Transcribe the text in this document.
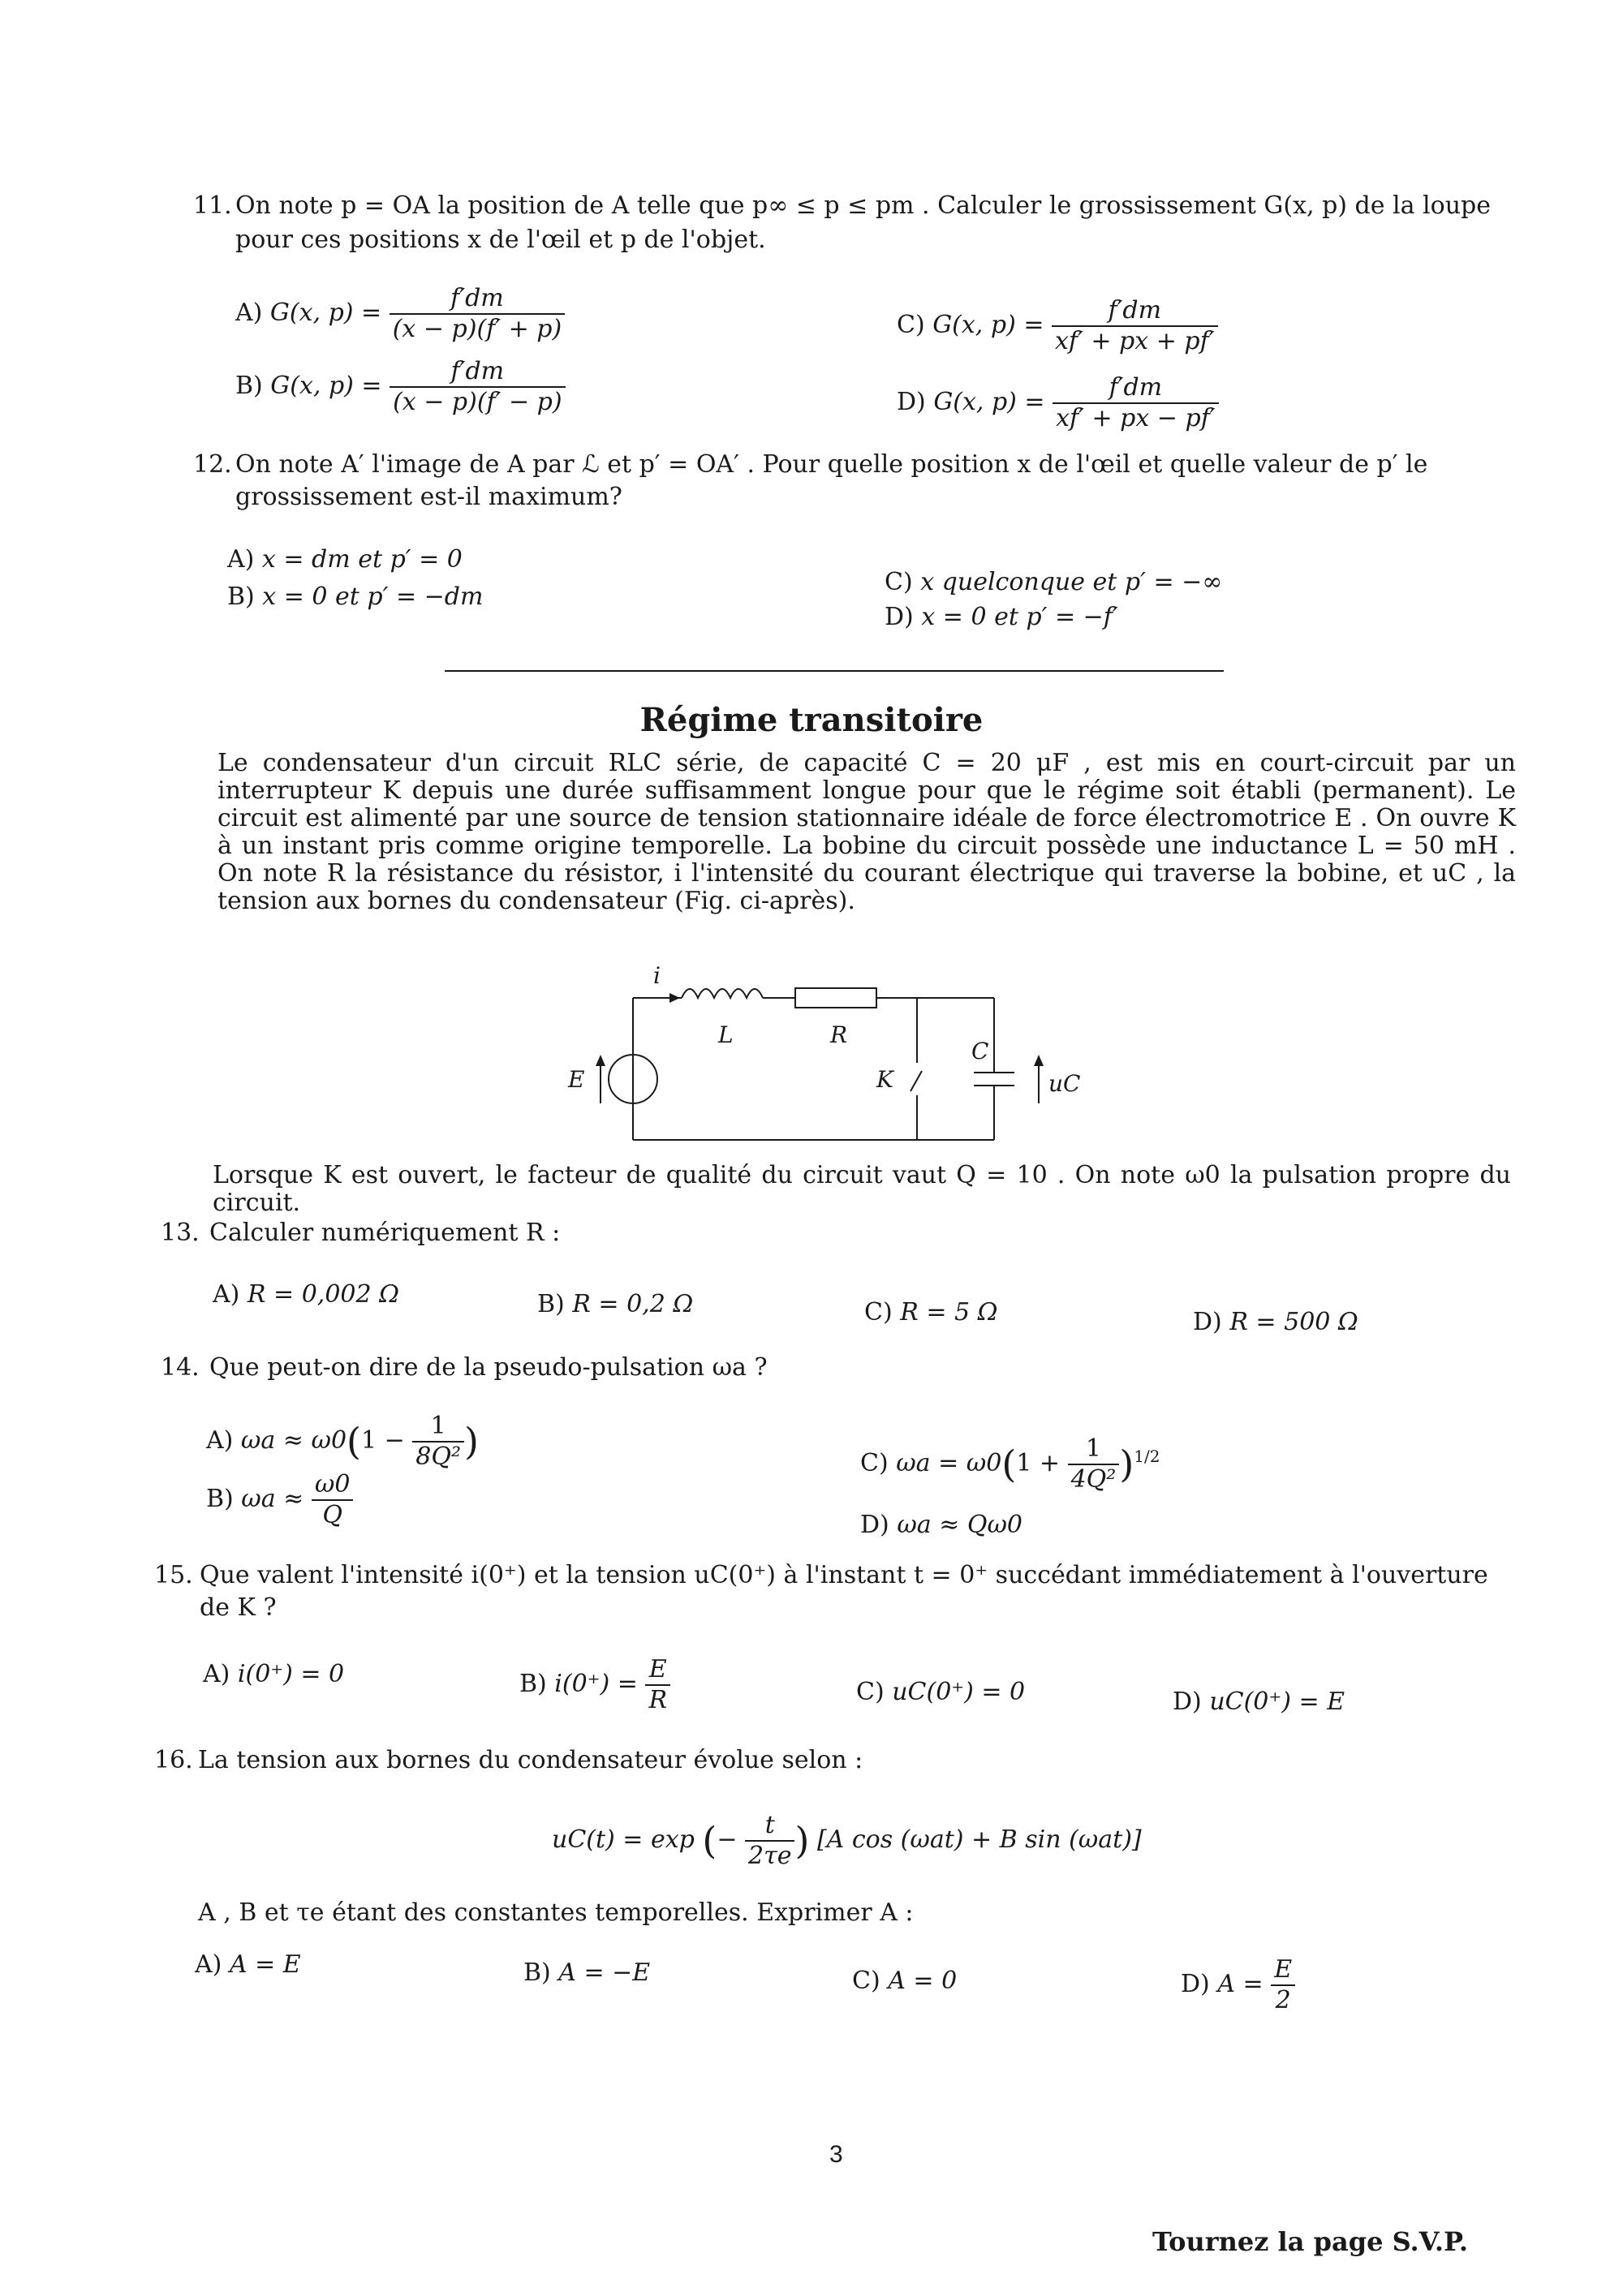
11. On note p = OA la position de A telle que p∞ ≤ p ≤ pm . Calculer le grossissement G(x, p) de la loupe
pour ces positions x de l'œil et p de l'objet.
A) G(x, $p) = \frac{f'dm}{(x - p)(f' + p)}$
B) G(x, $p) = \frac{f'dm}{(x - p)(f' - p)}$
C) G(x, $p) = \frac{f'dm}{xf' + px + pf'}$
D) G(x, $p) = \frac{f'dm}{xf' + px - pf'}$
12. On note A′ l'image de A par ℒ et p′ = OA′ . Pour quelle position x de l'œil et quelle valeur de p′ le
grossissement est-il maximum?
A) x = dm et p′ = 0
B) x = 0 et p′ = −dm
C) x quelconque et p′ = −∞
D) x = 0 et p′ = −f′
Régime transitoire
Le condensateur d'un circuit RLC série, de capacité C = 20 μF , est mis en court-circuit par un interrupteur K depuis une durée suffisamment longue pour que le régime soit établi (permanent). Le circuit est alimenté par une source de tension stationnaire idéale de force électromotrice E . On ouvre K à un instant pris comme origine temporelle. La bobine du circuit possède une inductance L = 50 mH . On note R la résistance du résistor, i l'intensité du courant électrique qui traverse la bobine, et uC , la tension aux bornes du condensateur (Fig. ci-après).
i
L	R
E	K
C
uC
Lorsque K est ouvert, le facteur de qualité du circuit vaut Q = 10 . On note ω0 la pulsation propre du circuit.
13. Calculer numériquement R :
A) R = 0,002 Ω	B) R = 0,2 Ω	C) R = 5 Ω	D) R = 500 Ω
14. Que peut-on dire de la pseudo-pulsation ωa ?
A) $\omega a \approx \omega 0(1 - \frac{1}{\text{8Q²}}$ )
B) $\omega a \approx \frac{\omega 0}{Q}$
C) $\omega a = \omega 0(1 + \frac{1}{\text{4Q²}} )^{1/2}$
D) ωa ≈ Qω0
15. Que valent l'intensité i(0⁺) et la tension uC(0⁺) à l'instant t = 0⁺ succédant immédiatement à l'ouverture
de K ?
A) i(0⁺) = 0	B) $i(0^+) = \frac{E}{R}$	C) uC(0⁺) = 0	D) uC(0⁺) = E
16. La tension aux bornes du condensateur évolue selon :
uC(t) = exp (− $\frac{t}{2\tau e}$ ) [A cos (ωat) + B sin (ωat)]
A , B et τe étant des constantes temporelles. Exprimer A :
A) A = E	B) A = −E	C) A = 0	D) $A = \frac{E}{2}$
3
Tournez la page S.V.P.
